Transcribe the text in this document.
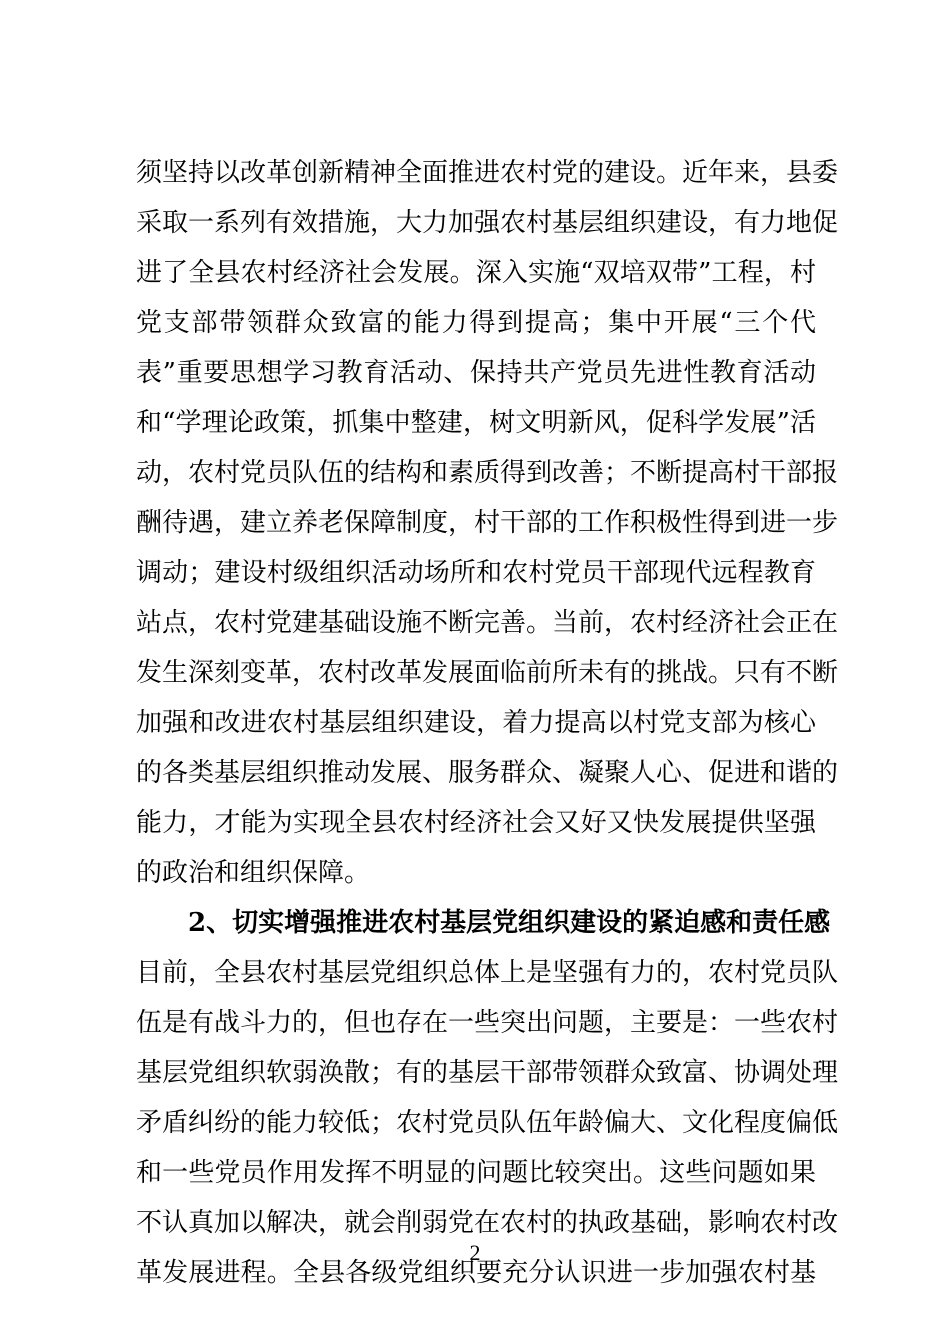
须坚持以改革创新精神全面推进农村党的建设。近年来，县委
采取一系列有效措施，大力加强农村基层组织建设，有力地促
进了全县农村经济社会发展。深入实施“双培双带”工程，村
党支部带领群众致富的能力得到提高；集中开展“三个代
表”重要思想学习教育活动、保持共产党员先进性教育活动
和“学理论政策，抓集中整建，树文明新风，促科学发展”活
动，农村党员队伍的结构和素质得到改善；不断提高村干部报
酬待遇，建立养老保障制度，村干部的工作积极性得到进一步
调动；建设村级组织活动场所和农村党员干部现代远程教育
站点，农村党建基础设施不断完善。当前，农村经济社会正在
发生深刻变革，农村改革发展面临前所未有的挑战。只有不断
加强和改进农村基层组织建设，着力提高以村党支部为核心
的各类基层组织推动发展、服务群众、凝聚人心、促进和谐的
能力，才能为实现全县农村经济社会又好又快发展提供坚强
的政治和组织保障。
2、切实增强推进农村基层党组织建设的紧迫感和责任感
目前，全县农村基层党组织总体上是坚强有力的，农村党员队
伍是有战斗力的，但也存在一些突出问题，主要是：一些农村
基层党组织软弱涣散；有的基层干部带领群众致富、协调处理
矛盾纠纷的能力较低；农村党员队伍年龄偏大、文化程度偏低
和一些党员作用发挥不明显的问题比较突出。这些问题如果
不认真加以解决，就会削弱党在农村的执政基础，影响农村改
革发展进程。全县各级党组织要充分认识进一步加强农村基
2
